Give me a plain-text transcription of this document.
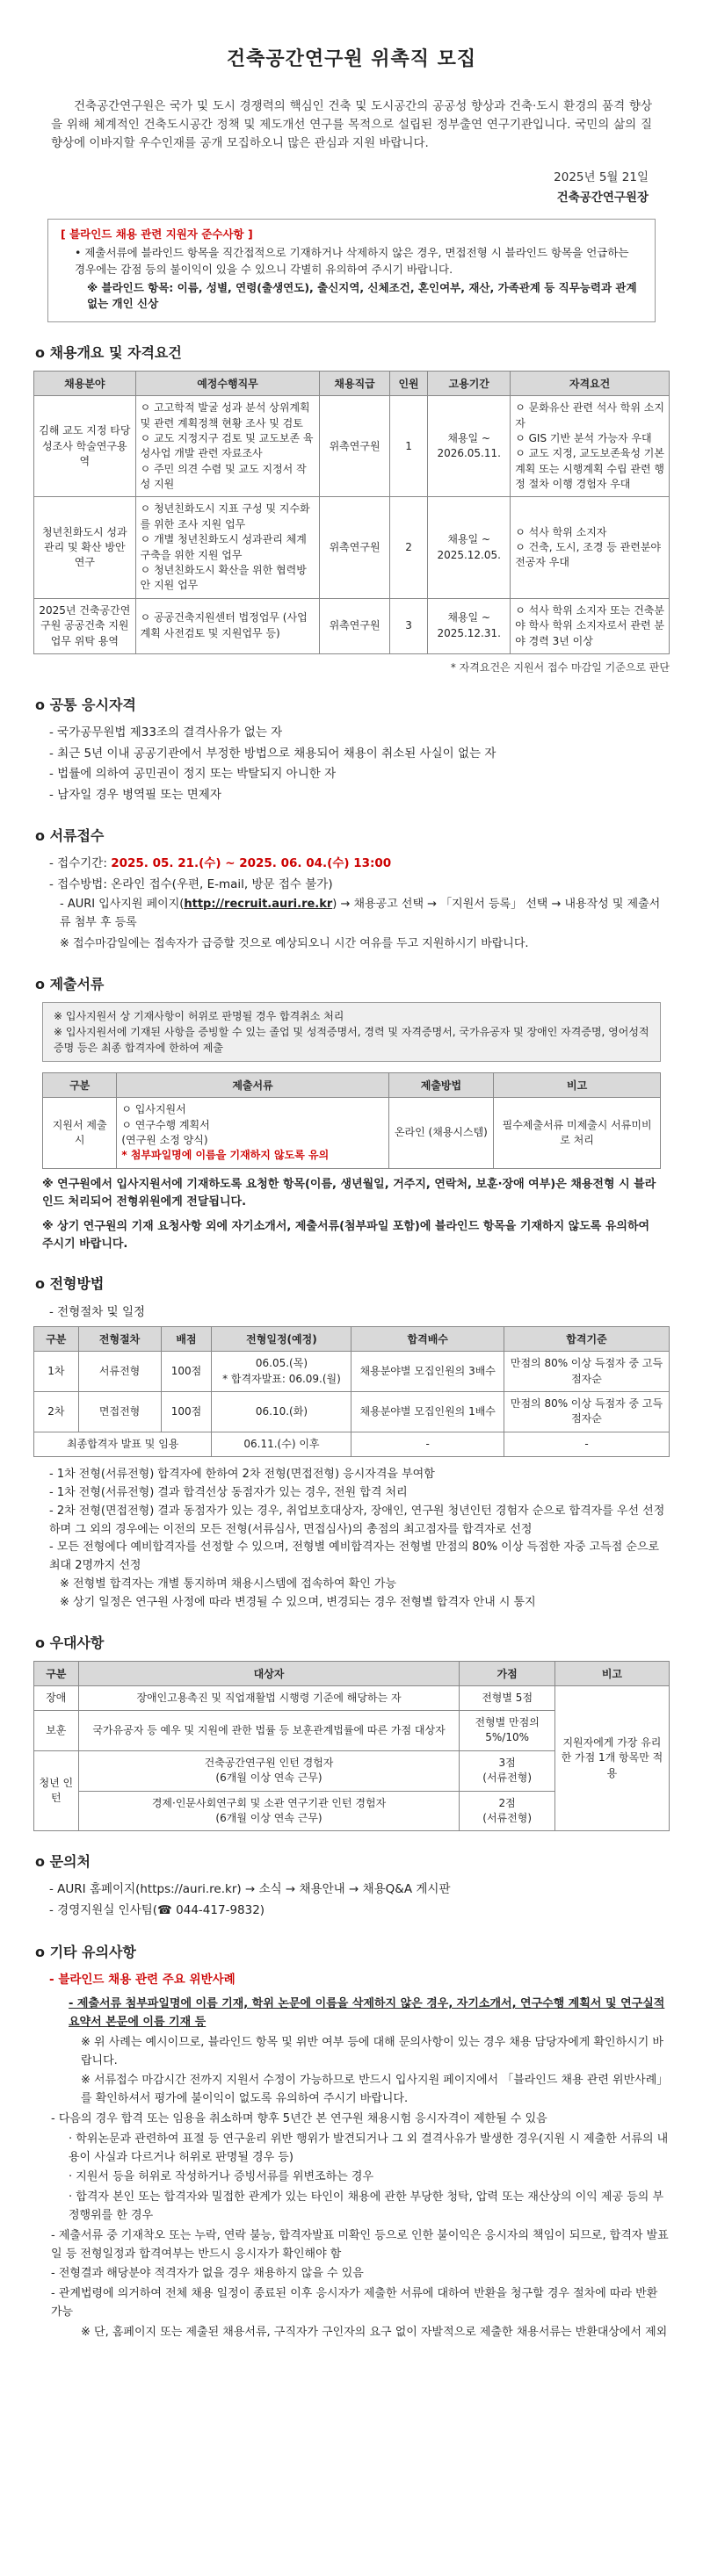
건축공간연구원 위촉직 모집

건축공간연구원은 국가 및 도시 경쟁력의 핵심인 건축 및 도시공간의 공공성 향상과 건축·도시 환경의 품격 향상을 위해 체계적인 건축도시공간 정책 및 제도개선 연구를 목적으로 설립된 정부출연 연구기관입니다. 국민의 삶의 질 향상에 이바지할 우수인재를 공개 모집하오니 많은 관심과 지원 바랍니다.

2025년 5월 21일
건축공간연구원장

[ 블라인드 채용 관련 지원자 준수사항 ]

• 제출서류에 블라인드 항목을 직간접적으로 기재하거나 삭제하지 않은 경우, 면접전형 시 블라인드 항목을 언급하는 경우에는 감점 등의 불이익이 있을 수 있으니 각별히 유의하여 주시기 바랍니다.

※ 블라인드 항목: 이름, 성별, 연령(출생연도), 출신지역, 신체조건, 혼인여부, 재산, 가족관계 등 직무능력과 관계없는 개인 신상

o 채용개요 및 자격요건
채용분야	예정수행직무	채용직급	인원	고용기간	자격요건
김해 교도 지정 타당성조사 학술연구용역	ㅇ 고고학적 발굴 성과 분석 상위계획 및 관련 계획정책 현황 조사 및 검토
ㅇ 교도 지정지구 검토 및 교도보존 육성사업 개발 관련 자료조사
ㅇ 주민 의견 수렴 및 교도 지정서 작성 지원	위촉연구원	1	채용일 ~ 2026.05.11.	ㅇ 문화유산 관련 석사 학위 소지자
ㅇ GIS 기반 분석 가능자 우대
ㅇ 교도 지정, 교도보존육성 기본계획 또는 시행계획 수립 관련 행정 절차 이행 경험자 우대
청년친화도시 성과관리 및 확산 방안 연구	ㅇ 청년친화도시 지표 구성 및 지수화를 위한 조사 지원 업무
ㅇ 개별 청년친화도시 성과관리 체계 구축을 위한 지원 업무
ㅇ 청년친화도시 확산을 위한 협력방안 지원 업무	위촉연구원	2	채용일 ~ 2025.12.05.	ㅇ 석사 학위 소지자
ㅇ 건축, 도시, 조경 등 관련분야 전공자 우대
2025년 건축공간연구원 공공건축 지원업무 위탁 용역	ㅇ 공공건축지원센터 법정업무 (사업계획 사전검토 및 지원업무 등)	위촉연구원	3	채용일 ~ 2025.12.31.	ㅇ 석사 학위 소지자 또는 건축분야 학사 학위 소지자로서 관련 분야 경력 3년 이상
* 자격요건은 지원서 접수 마감일 기준으로 판단
o 공통 응시자격
- 국가공무원법 제33조의 결격사유가 없는 자
- 최근 5년 이내 공공기관에서 부정한 방법으로 채용되어 채용이 취소된 사실이 없는 자
- 법률에 의하여 공민권이 정지 또는 박탈되지 아니한 자
- 남자일 경우 병역필 또는 면제자
o 서류접수
- 접수기간: 2025. 05. 21.(수) ~ 2025. 06. 04.(수) 13:00
- 접수방법: 온라인 접수(우편, E-mail, 방문 접수 불가)
- AURI 입사지원 페이지(http://recruit.auri.re.kr) → 채용공고 선택 → 「지원서 등록」 선택 → 내용작성 및 제출서류 첨부 후 등록
※ 접수마감일에는 접속자가 급증할 것으로 예상되오니 시간 여유를 두고 지원하시기 바랍니다.
o 제출서류
※ 입사지원서 상 기재사항이 허위로 판명될 경우 합격취소 처리
※ 입사지원서에 기재된 사항을 증빙할 수 있는 졸업 및 성적증명서, 경력 및 자격증명서, 국가유공자 및 장애인 자격증명, 영어성적증명 등은 최종 합격자에 한하여 제출
구분	제출서류	제출방법	비고
지원서 제출 시	ㅇ 입사지원서
ㅇ 연구수행 계획서
(연구원 소정 양식)
* 첨부파일명에 이름을 기재하지 않도록 유의	온라인 (채용시스템)	필수제출서류 미제출시 서류미비로 처리
※ 연구원에서 입사지원서에 기재하도록 요청한 항목(이름, 생년월일, 거주지, 연락처, 보훈·장애 여부)은 채용전형 시 블라인드 처리되어 전형위원에게 전달됩니다.
※ 상기 연구원의 기재 요청사항 외에 자기소개서, 제출서류(첨부파일 포함)에 블라인드 항목을 기재하지 않도록 유의하여 주시기 바랍니다.
o 전형방법
- 전형절차 및 일정
구분	전형절차	배점	전형일정(예정)	합격배수	합격기준
1차	서류전형	100점	06.05.(목)
* 합격자발표: 06.09.(월)	채용분야별 모집인원의 3배수	만점의 80% 이상 득점자 중 고득점자순
2차	면접전형	100점	06.10.(화)	채용분야별 모집인원의 1배수	만점의 80% 이상 득점자 중 고득점자순
최종합격자 발표 및 임용			06.11.(수) 이후	-	-
- 1차 전형(서류전형) 합격자에 한하여 2차 전형(면접전형) 응시자격을 부여함
- 1차 전형(서류전형) 결과 합격선상 동점자가 있는 경우, 전원 합격 처리
- 2차 전형(면접전형) 결과 동점자가 있는 경우, 취업보호대상자, 장애인, 연구원 청년인턴 경험자 순으로 합격자를 우선 선정하며 그 외의 경우에는 이전의 모든 전형(서류심사, 면접심사)의 총점의 최고점자를 합격자로 선정
- 모든 전형에다 예비합격자를 선정할 수 있으며, 전형별 예비합격자는 전형별 만점의 80% 이상 득점한 자중 고득점 순으로 최대 2명까지 선정
※ 전형별 합격자는 개별 통지하며 채용시스템에 접속하여 확인 가능
※ 상기 일정은 연구원 사정에 따라 변경될 수 있으며, 변경되는 경우 전형별 합격자 안내 시 통지
o 우대사항
구분	대상자	가점	비고
장애	장애인고용촉진 및 직업재활법 시행령 기준에 해당하는 자	전형별 5점	지원자에게 가장 유리한 가점 1개 항목만 적용
보훈	국가유공자 등 예우 및 지원에 관한 법률 등 보훈관계법률에 따른 가점 대상자	전형별 만점의 5%/10%	
청년 인턴	건축공간연구원 인턴 경험자
(6개월 이상 연속 근무)	3점
(서류전형)	
	경제·인문사회연구회 및 소관 연구기관 인턴 경험자
(6개월 이상 연속 근무)	2점
(서류전형)	
o 문의처
- AURI 홈페이지(https://auri.re.kr) → 소식 → 채용안내 → 채용Q&A 게시판
- 경영지원실 인사팀(☎ 044-417-9832)
o 기타 유의사항
- 블라인드 채용 관련 주요 위반사례

- 제출서류 첨부파일명에 이름 기재, 학위 논문에 이름을 삭제하지 않은 경우, 자기소개서, 연구수행 계획서 및 연구실적 요약서 본문에 이름 기재 등

※ 위 사례는 예시이므로, 블라인드 항목 및 위반 여부 등에 대해 문의사항이 있는 경우 채용 담당자에게 확인하시기 바랍니다.

※ 서류접수 마감시간 전까지 지원서 수정이 가능하므로 반드시 입사지원 페이지에서 「블라인드 채용 관련 위반사례」를 확인하셔서 평가에 불이익이 없도록 유의하여 주시기 바랍니다.

- 다음의 경우 합격 또는 임용을 취소하며 향후 5년간 본 연구원 채용시험 응시자격이 제한될 수 있음

· 학위논문과 관련하여 표절 등 연구윤리 위반 행위가 발견되거나 그 외 결격사유가 발생한 경우(지원 시 제출한 서류의 내용이 사실과 다르거나 허위로 판명될 경우 등)

· 지원서 등을 허위로 작성하거나 증빙서류를 위변조하는 경우

· 합격자 본인 또는 합격자와 밀접한 관계가 있는 타인이 채용에 관한 부당한 청탁, 압력 또는 재산상의 이익 제공 등의 부정행위를 한 경우

- 제출서류 중 기재착오 또는 누락, 연락 불능, 합격자발표 미확인 등으로 인한 불이익은 응시자의 책임이 되므로, 합격자 발표일 등 전형일정과 합격여부는 반드시 응시자가 확인해야 함

- 전형결과 해당분야 적격자가 없을 경우 채용하지 않을 수 있음

- 관계법령에 의거하여 전체 채용 일정이 종료된 이후 응시자가 제출한 서류에 대하여 반환을 청구할 경우 절차에 따라 반환 가능

※ 단, 홈페이지 또는 제출된 채용서류, 구직자가 구인자의 요구 없이 자발적으로 제출한 채용서류는 반환대상에서 제외
